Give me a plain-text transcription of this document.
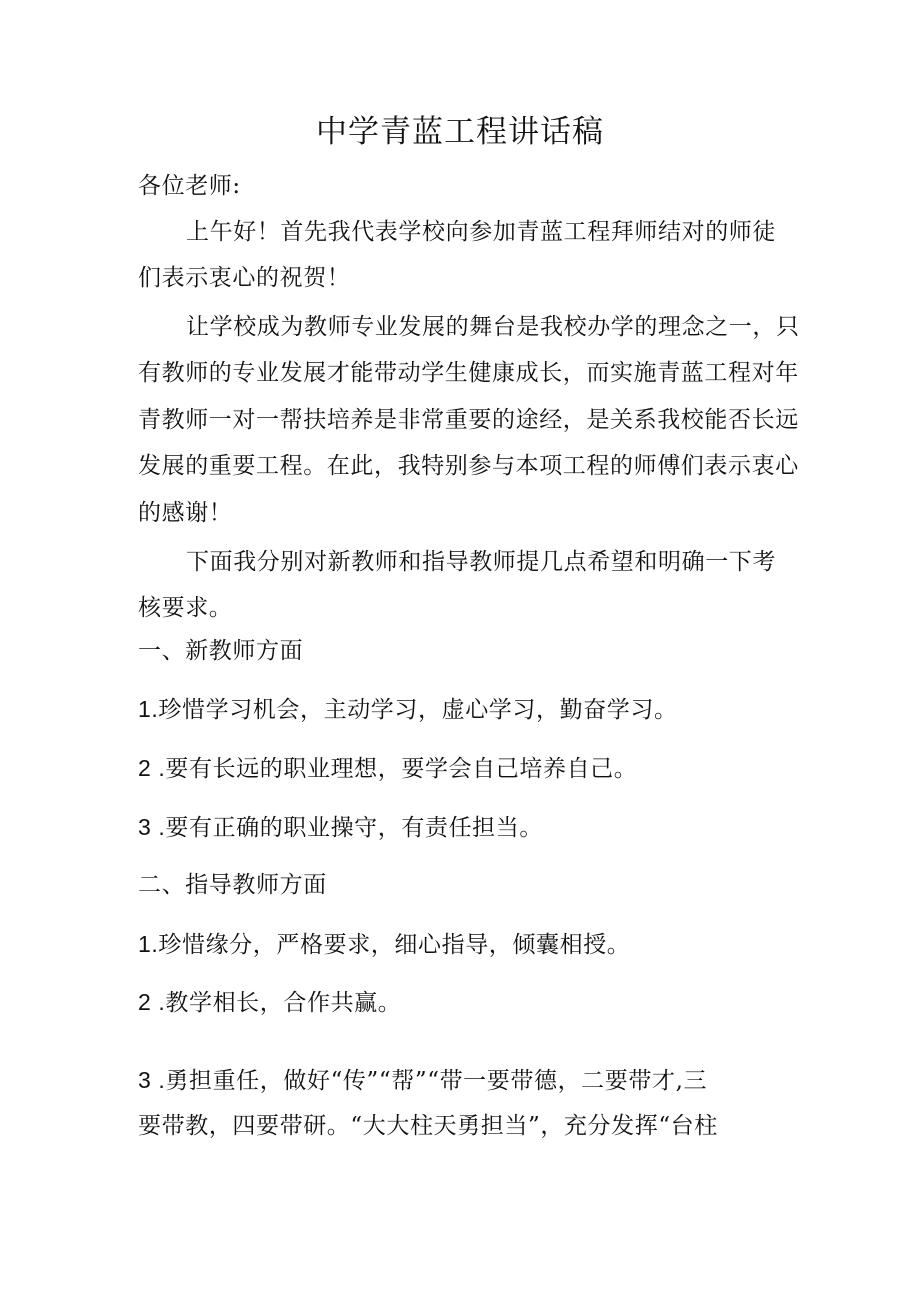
中学青蓝工程讲话稿
各位老师:
上午好！首先我代表学校向参加青蓝工程拜师结对的师徒
们表示衷心的祝贺！
让学校成为教师专业发展的舞台是我校办学的理念之一，只
有教师的专业发展才能带动学生健康成长，而实施青蓝工程对年
青教师一对一帮扶培养是非常重要的途经，是关系我校能否长远
发展的重要工程。在此，我特别参与本项工程的师傅们表示衷心
的感谢！
下面我分别对新教师和指导教师提几点希望和明确一下考
核要求。
一、新教师方面
1.珍惜学习机会，主动学习，虚心学习，勤奋学习。
2 .要有长远的职业理想，要学会自己培养自己。
3 .要有正确的职业操守，有责任担当。
二、指导教师方面
1.珍惜缘分，严格要求，细心指导，倾囊相授。
2 .教学相长，合作共赢。
3 .勇担重任，做好“传”“帮”“带一要带德，二要带才,三
要带教，四要带研。“大大柱天勇担当”，充分发挥“台柱
